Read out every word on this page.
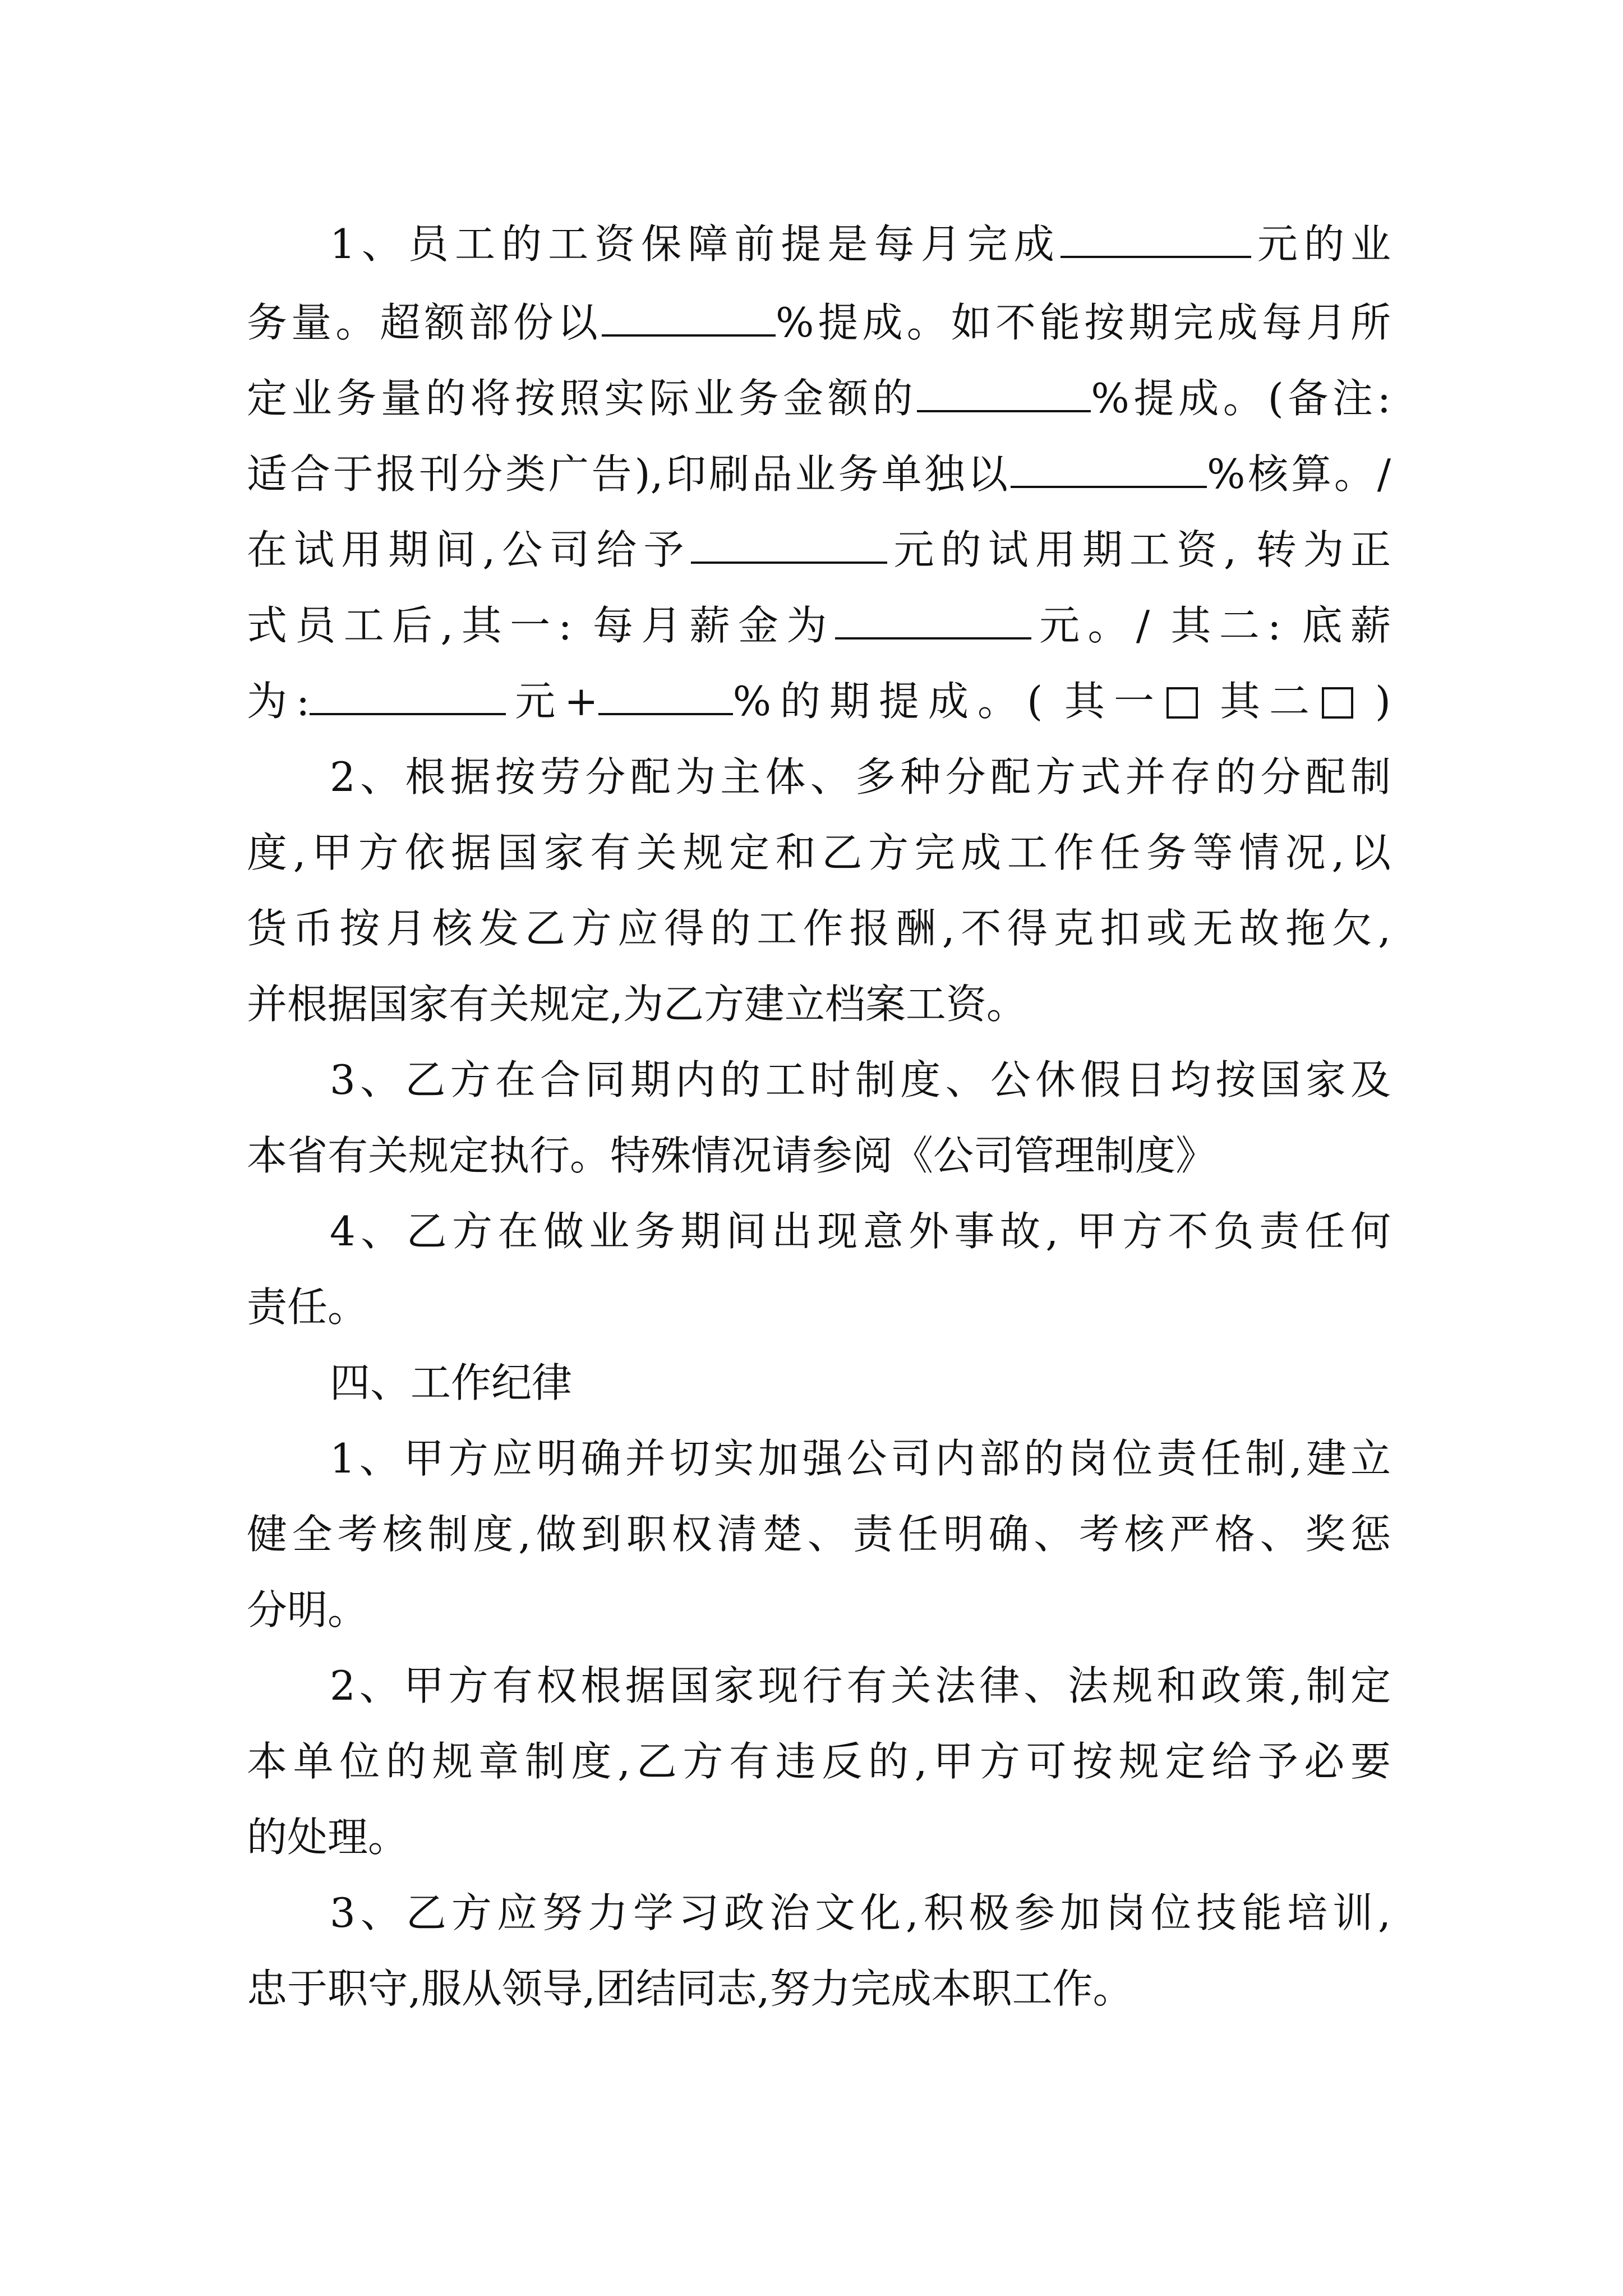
1、员工的工资保障前提是每月完成	元的业
务量。超额部份以	%提成。如不能按期完成每月所
定业务量的将按照实际业务金额的	%提成。(备注:
适合于报刊分类广告),印刷品业务单独以	%核算。/
在试用期间,公司给予	元的试用期工资, 转为正
式员工后,其一: 每月薪金为	元。/ 其二: 底薪
为:	元+	%的期提成。( 其一 其二 )
2、根据按劳分配为主体、多种分配方式并存的分配制
度,甲方依据国家有关规定和乙方完成工作任务等情况,以
货币按月核发乙方应得的工作报酬,不得克扣或无故拖欠,
并根据国家有关规定,为乙方建立档案工资。
3、乙方在合同期内的工时制度、公休假日均按国家及
本省有关规定执行。特殊情况请参阅《公司管理制度》
4、乙方在做业务期间出现意外事故, 甲方不负责任何
责任。
四、工作纪律
1、甲方应明确并切实加强公司内部的岗位责任制,建立
健全考核制度,做到职权清楚、责任明确、考核严格、奖惩
分明。
2、甲方有权根据国家现行有关法律、法规和政策,制定
本单位的规章制度,乙方有违反的,甲方可按规定给予必要
的处理。
3、乙方应努力学习政治文化,积极参加岗位技能培训,
忠于职守,服从领导,团结同志,努力完成本职工作。
